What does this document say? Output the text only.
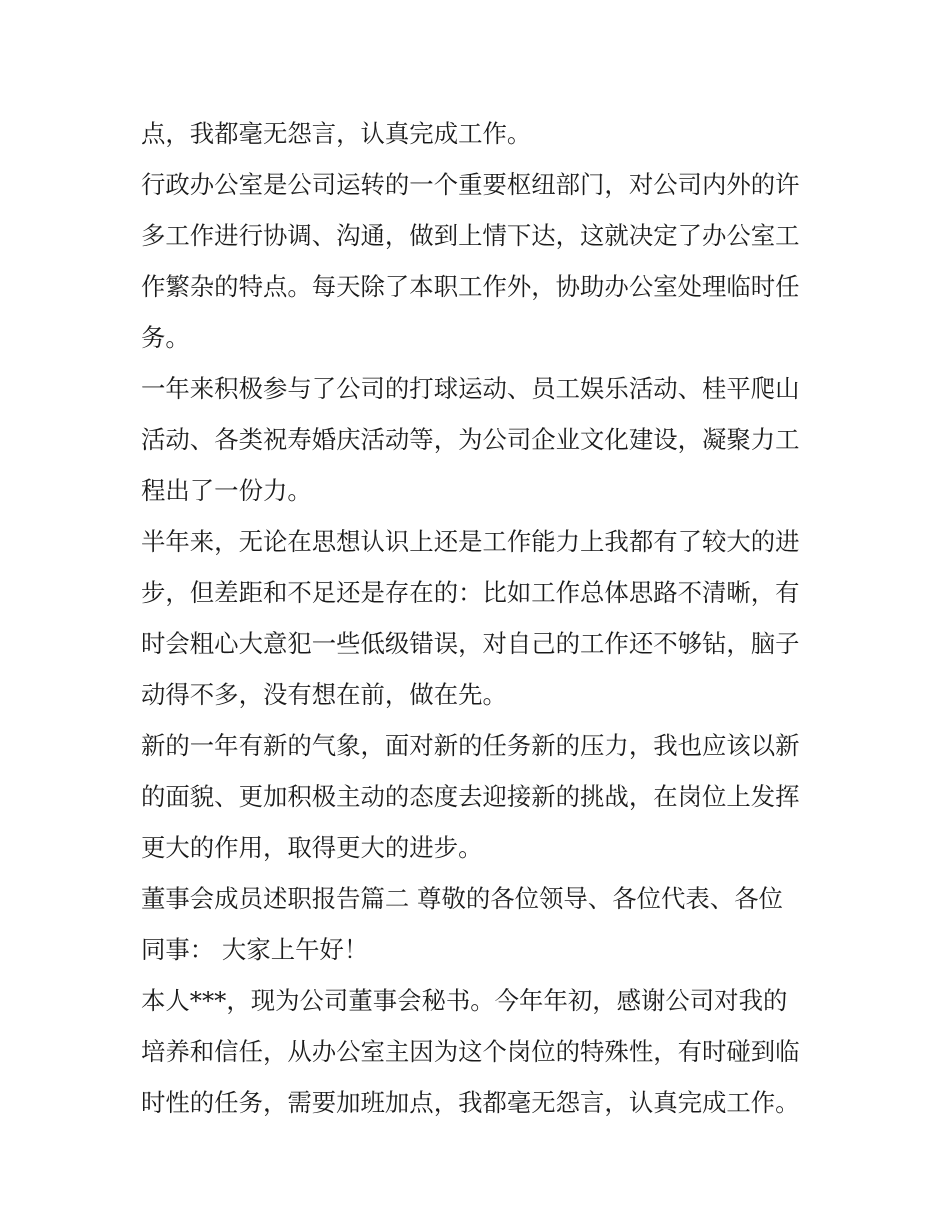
点，我都毫无怨言，认真完成工作。
行政办公室是公司运转的一个重要枢纽部门，对公司内外的许
多工作进行协调、沟通，做到上情下达，这就决定了办公室工
作繁杂的特点。每天除了本职工作外，协助办公室处理临时任
务。
一年来积极参与了公司的打球运动、员工娱乐活动、桂平爬山
活动、各类祝寿婚庆活动等，为公司企业文化建设，凝聚力工
程出了一份力。
半年来，无论在思想认识上还是工作能力上我都有了较大的进
步，但差距和不足还是存在的：比如工作总体思路不清晰，有
时会粗心大意犯一些低级错误，对自己的工作还不够钻，脑子
动得不多，没有想在前，做在先。
新的一年有新的气象，面对新的任务新的压力，我也应该以新
的面貌、更加积极主动的态度去迎接新的挑战，在岗位上发挥
更大的作用，取得更大的进步。
董事会成员述职报告篇二 尊敬的各位领导、各位代表、各位
同事： 大家上午好！
本人***，现为公司董事会秘书。今年年初，感谢公司对我的
培养和信任，从办公室主因为这个岗位的特殊性，有时碰到临
时性的任务，需要加班加点，我都毫无怨言，认真完成工作。
